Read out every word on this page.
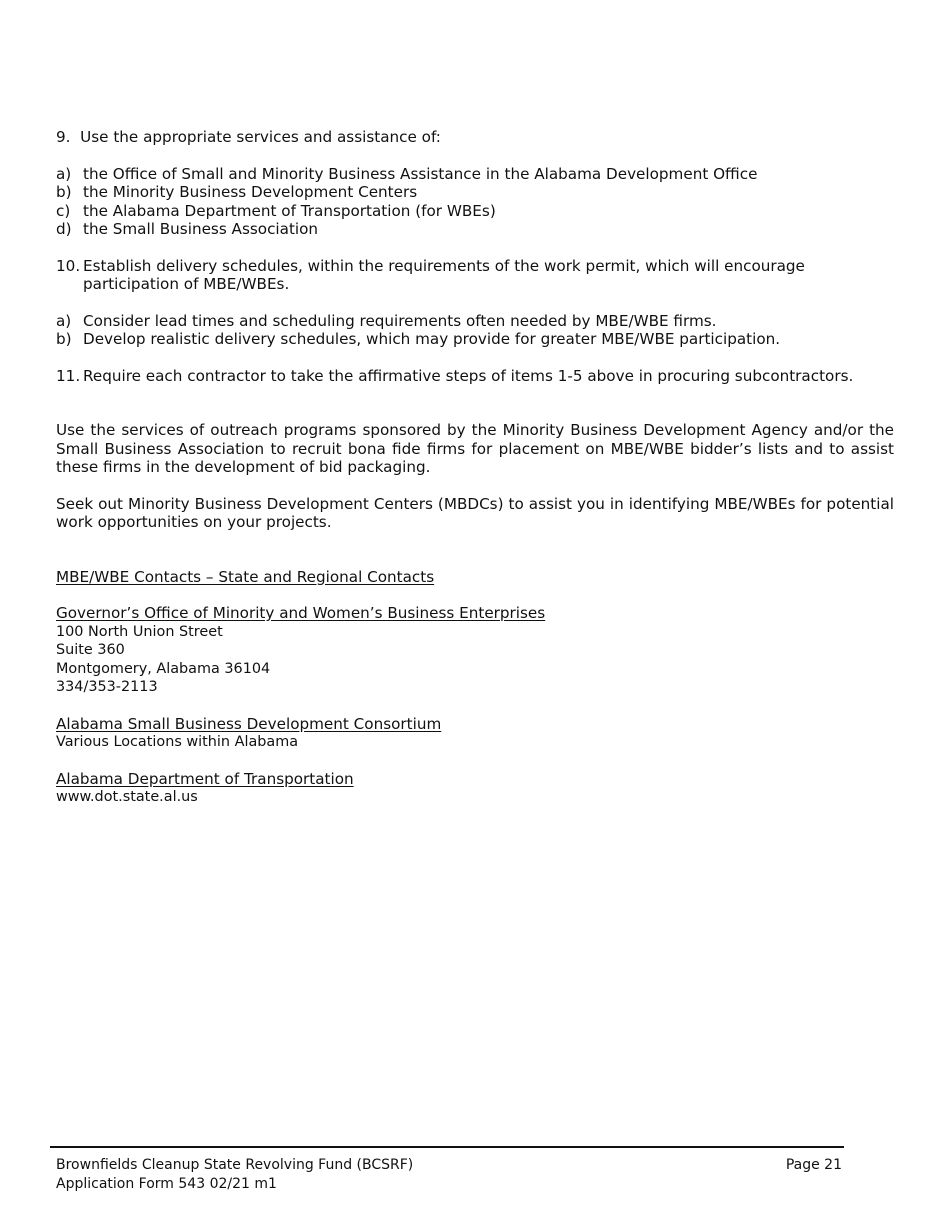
9. Use the appropriate services and assistance of:
a) the Office of Small and Minority Business Assistance in the Alabama Development Office
b) the Minority Business Development Centers
c) the Alabama Department of Transportation (for WBEs)
d) the Small Business Association
10. Establish delivery schedules, within the requirements of the work permit, which will encourage participation of MBE/WBEs.
a) Consider lead times and scheduling requirements often needed by MBE/WBE firms.
b) Develop realistic delivery schedules, which may provide for greater MBE/WBE participation.
11. Require each contractor to take the affirmative steps of items 1-5 above in procuring subcontractors.
Use the services of outreach programs sponsored by the Minority Business Development Agency and/or the Small Business Association to recruit bona fide firms for placement on MBE/WBE bidder’s lists and to assist these firms in the development of bid packaging.
Seek out Minority Business Development Centers (MBDCs) to assist you in identifying MBE/WBEs for potential work opportunities on your projects.
MBE/WBE Contacts – State and Regional Contacts
Governor’s Office of Minority and Women’s Business Enterprises
100 North Union Street
Suite 360
Montgomery, Alabama 36104
334/353-2113
Alabama Small Business Development Consortium
Various Locations within Alabama
Alabama Department of Transportation
www.dot.state.al.us
Brownfields Cleanup State Revolving Fund (BCSRF)
Application Form 543 02/21 m1
Page 21
